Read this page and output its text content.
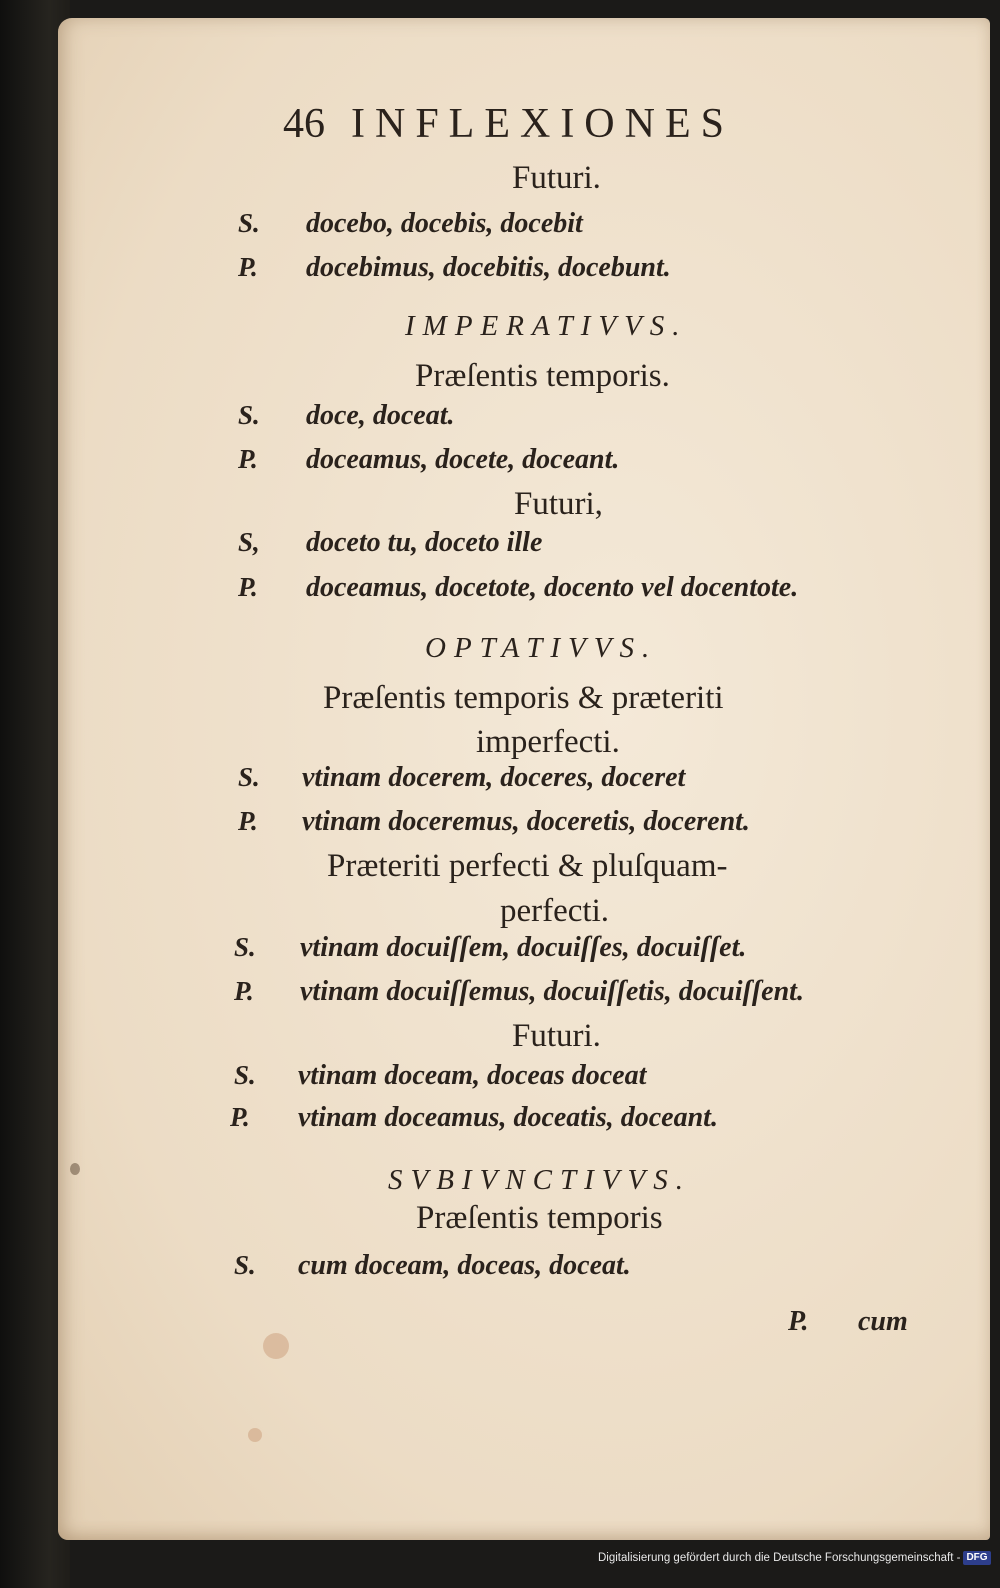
46 INFLEXIONES
Futuri.
S. docebo, docebis, docebit
P. docebimus, docebitis, docebunt.
IMPERATIVVS.
Præſentis temporis.
S. doce, doceat.
P. doceamus, docete, doceant.
Futuri,
S, doceto tu, doceto ille
P. doceamus, docetote, docento vel docentote.
OPTATIVVS.
Præſentis temporis & præteriti
imperfecti.
S. vtinam docerem, doceres, doceret
P. vtinam doceremus, doceretis, docerent.
Præteriti perfecti & pluſquam-
perfecti.
S. vtinam docuiſſem, docuiſſes, docuiſſet.
P. vtinam docuiſſemus, docuiſſetis, docuiſſent.
Futuri.
S. vtinam doceam, doceas doceat
P. vtinam doceamus, doceatis, doceant.
SVBIVNCTIVVS.
Præſentis temporis
S. cum doceam, doceas, doceat.
P. cum
Digitalisierung gefördert durch die Deutsche Forschungsgemeinschaft - DFG
